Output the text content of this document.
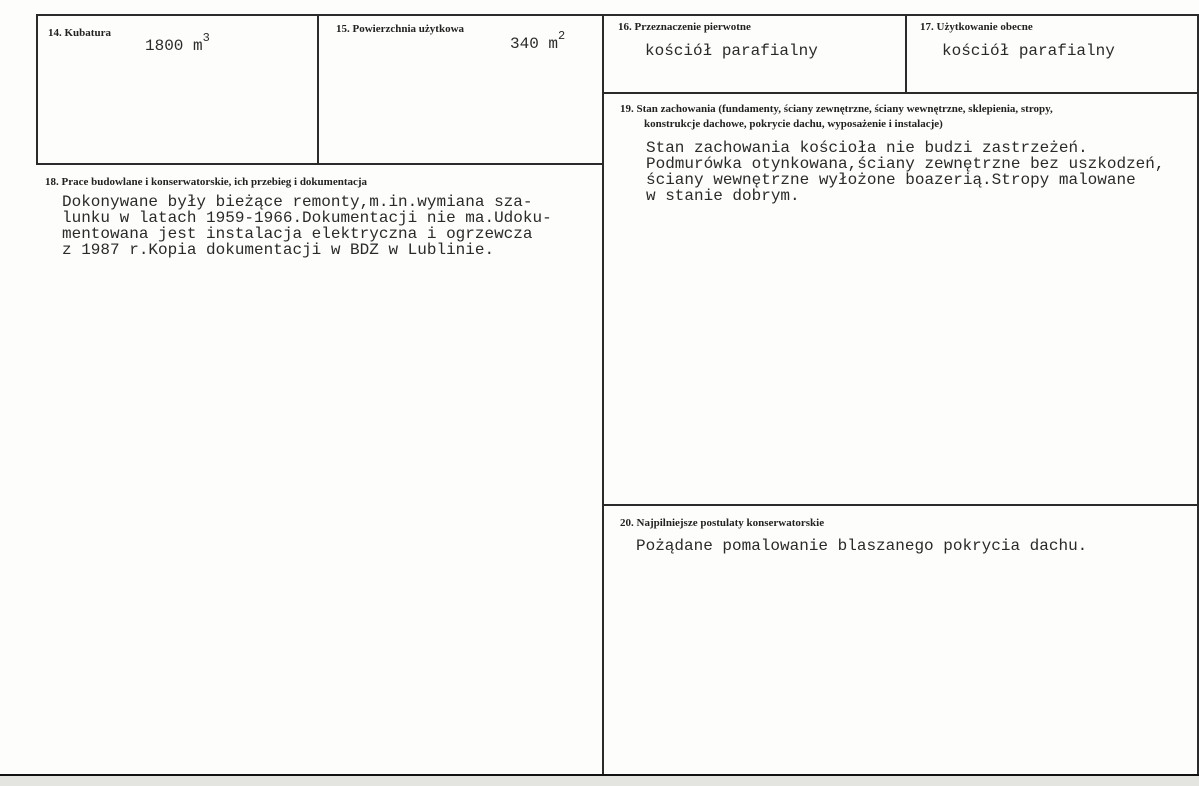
14. Kubatura
1800 $m^3$
15. Powierzchnia użytkowa
340 $m^2$
16. Przeznaczenie pierwotne
kościół parafialny
17. Użytkowanie obecne
kościół parafialny
18. Prace budowlane i konserwatorskie, ich przebieg i dokumentacja
Dokonywane były bieżące remonty,m.in.wymiana sza-
lunku w latach 1959-1966.Dokumentacji nie ma.Udoku-
mentowana jest instalacja elektryczna i ogrzewcza
z 1987 r.Kopia dokumentacji w BDZ w Lublinie.
19. Stan zachowania (fundamenty, ściany zewnętrzne, ściany wewnętrzne, sklepienia, stropy,
konstrukcje dachowe, pokrycie dachu, wyposażenie i instalacje)
Stan zachowania kościoła nie budzi zastrzeżeń.
Podmurówka otynkowana,ściany zewnętrzne bez uszkodzeń,
ściany wewnętrzne wyłożone boazerią.Stropy malowane
w stanie dobrym.
20. Najpilniejsze postulaty konserwatorskie
Pożądane pomalowanie blaszanego pokrycia dachu.
